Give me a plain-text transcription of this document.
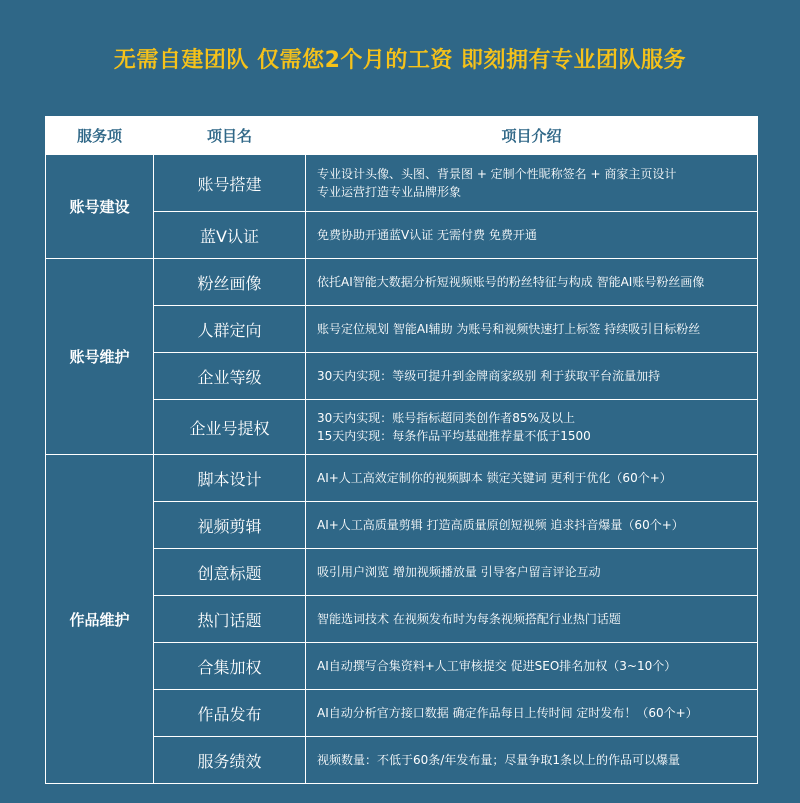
无需自建团队 仅需您2个月的工资 即刻拥有专业团队服务
服务项	项目名	项目介绍
账号建设	账号搭建	专业设计头像、头图、背景图 + 定制个性昵称签名 + 商家主页设计
专业运营打造专业品牌形象

	蓝V认证	免费协助开通蓝V认证 无需付费 免费开通

账号维护	粉丝画像	依托AI智能大数据分析短视频账号的粉丝特征与构成 智能AI账号粉丝画像

	人群定向	账号定位规划 智能AI辅助 为账号和视频快速打上标签 持续吸引目标粉丝

	企业等级	30天内实现：等级可提升到金牌商家级别 利于获取平台流量加持

	企业号提权	30天内实现：账号指标超同类创作者85%及以上
15天内实现：每条作品平均基础推荐量不低于1500

作品维护	脚本设计	AI+人工高效定制你的视频脚本 锁定关键词 更利于优化（60个+）

	视频剪辑	AI+人工高质量剪辑 打造高质量原创短视频 追求抖音爆量（60个+）

	创意标题	吸引用户浏览 增加视频播放量 引导客户留言评论互动

	热门话题	智能选词技术 在视频发布时为每条视频搭配行业热门话题

	合集加权	AI自动撰写合集资料+人工审核提交 促进SEO排名加权（3~10个）

	作品发布	AI自动分析官方接口数据 确定作品每日上传时间 定时发布！（60个+）

	服务绩效	视频数量：不低于60条/年发布量；尽量争取1条以上的作品可以爆量
